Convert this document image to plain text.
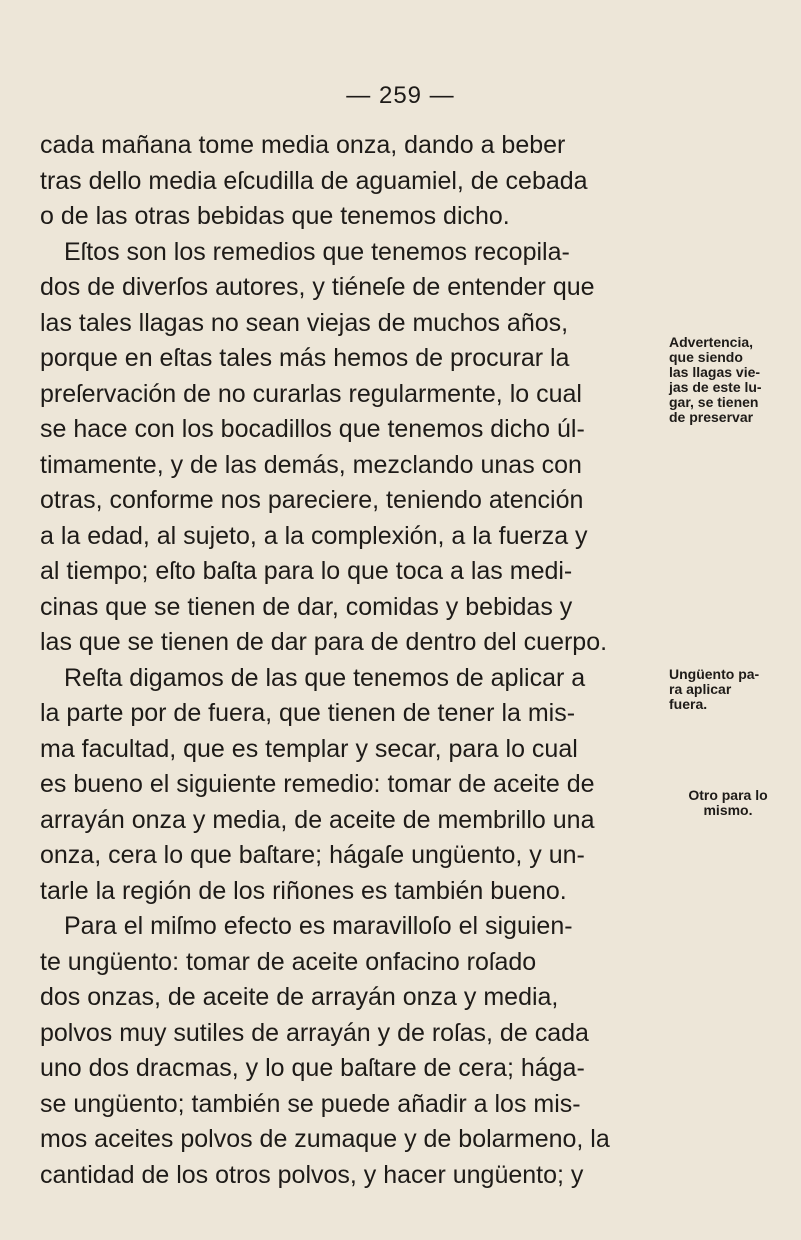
— 259 —
cada mañana tome media onza, dando a beber
tras dello media eſcudilla de aguamiel, de cebada
o de las otras bebidas que tenemos dicho.
Eſtos son los remedios que tenemos recopila-
dos de diverſos autores, y tiéneſe de entender que
las tales llagas no sean viejas de muchos años,
porque en eſtas tales más hemos de procurar la
preſervación de no curarlas regularmente, lo cual
se hace con los bocadillos que tenemos dicho úl-
timamente, y de las demás, mezclando unas con
otras, conforme nos pareciere, teniendo atención
a la edad, al sujeto, a la complexión, a la fuerza y
al tiempo; eſto baſta para lo que toca a las medi-
cinas que se tienen de dar, comidas y bebidas y
las que se tienen de dar para de dentro del cuerpo.
Reſta digamos de las que tenemos de aplicar a
la parte por de fuera, que tienen de tener la mis-
ma facultad, que es templar y secar, para lo cual
es bueno el siguiente remedio: tomar de aceite de
arrayán onza y media, de aceite de membrillo una
onza, cera lo que baſtare; hágaſe ungüento, y un-
tarle la región de los riñones es también bueno.
Para el miſmo efecto es maravilloſo el siguien-
te ungüento: tomar de aceite onfacino roſado
dos onzas, de aceite de arrayán onza y media,
polvos muy sutiles de arrayán y de roſas, de cada
uno dos dracmas, y lo que baſtare de cera; hága-
se ungüento; también se puede añadir a los mis-
mos aceites polvos de zumaque y de bolarmeno, la
cantidad de los otros polvos, y hacer ungüento; y
Advertencia,
que siendo
las llagas vie-
jas de este lu-
gar, se tienen
de preservar
Ungüento pa-
ra aplicar
fuera.
Otro para lo
mismo.
